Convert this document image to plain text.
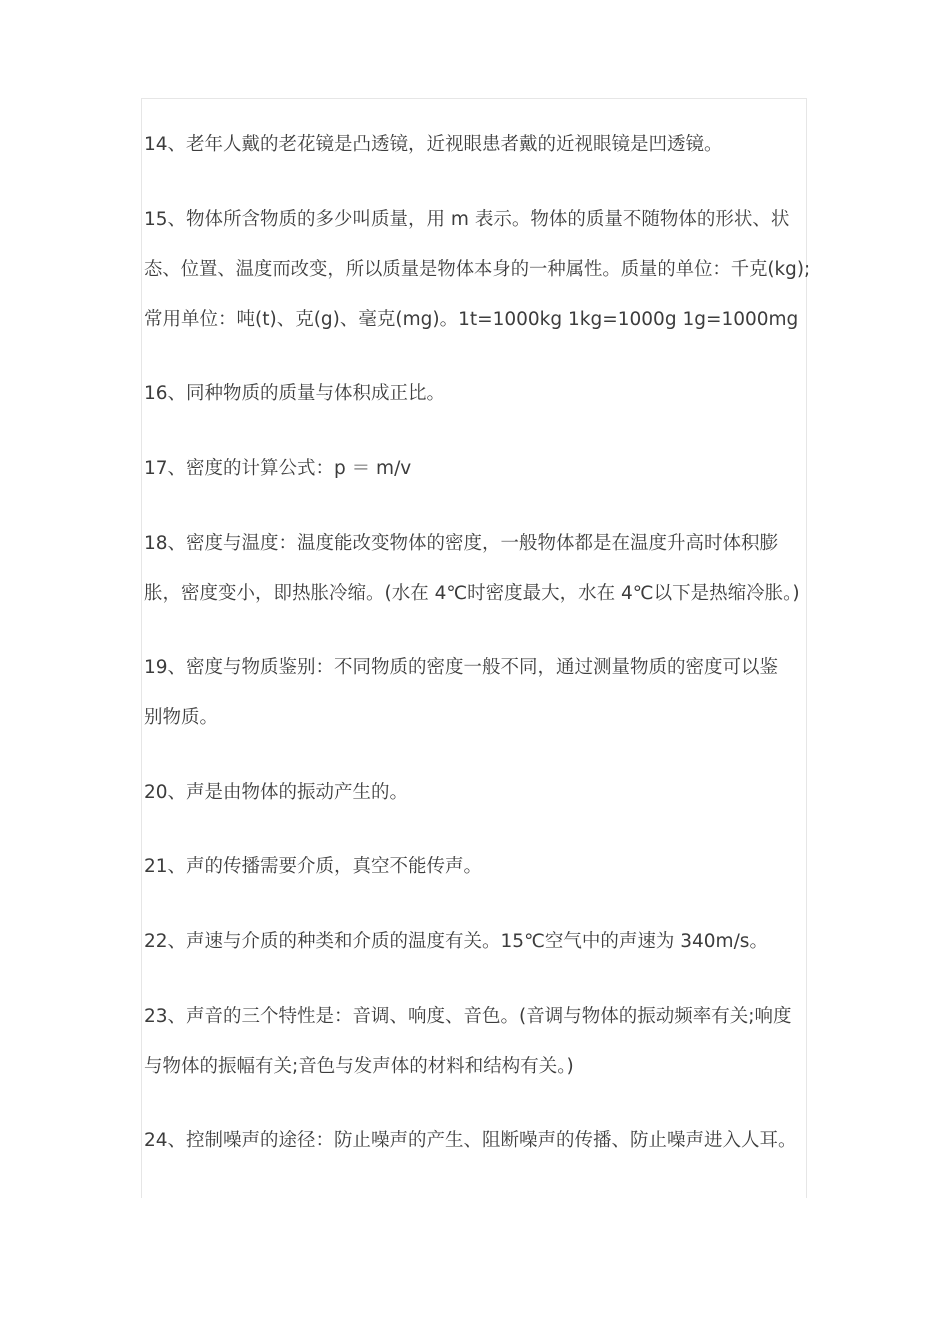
14、老年人戴的老花镜是凸透镜，近视眼患者戴的近视眼镜是凹透镜。

15、物体所含物质的多少叫质量，用 m 表示。物体的质量不随物体的形状、状
态、位置、温度而改变，所以质量是物体本身的一种属性。质量的单位：千克(kg);
常用单位：吨(t)、克(g)、毫克(mg)。1t=1000kg 1kg=1000g 1g=1000mg

16、同种物质的质量与体积成正比。

17、密度的计算公式：p ＝ m/v

18、密度与温度：温度能改变物体的密度，一般物体都是在温度升高时体积膨
胀，密度变小，即热胀冷缩。(水在 4℃时密度最大，水在 4℃以下是热缩冷胀。)

19、密度与物质鉴别：不同物质的密度一般不同，通过测量物质的密度可以鉴
别物质。

20、声是由物体的振动产生的。

21、声的传播需要介质，真空不能传声。

22、声速与介质的种类和介质的温度有关。15℃空气中的声速为 340m/s。

23、声音的三个特性是：音调、响度、音色。(音调与物体的振动频率有关;响度
与物体的振幅有关;音色与发声体的材料和结构有关。)

24、控制噪声的途径：防止噪声的产生、阻断噪声的传播、防止噪声进入人耳。
